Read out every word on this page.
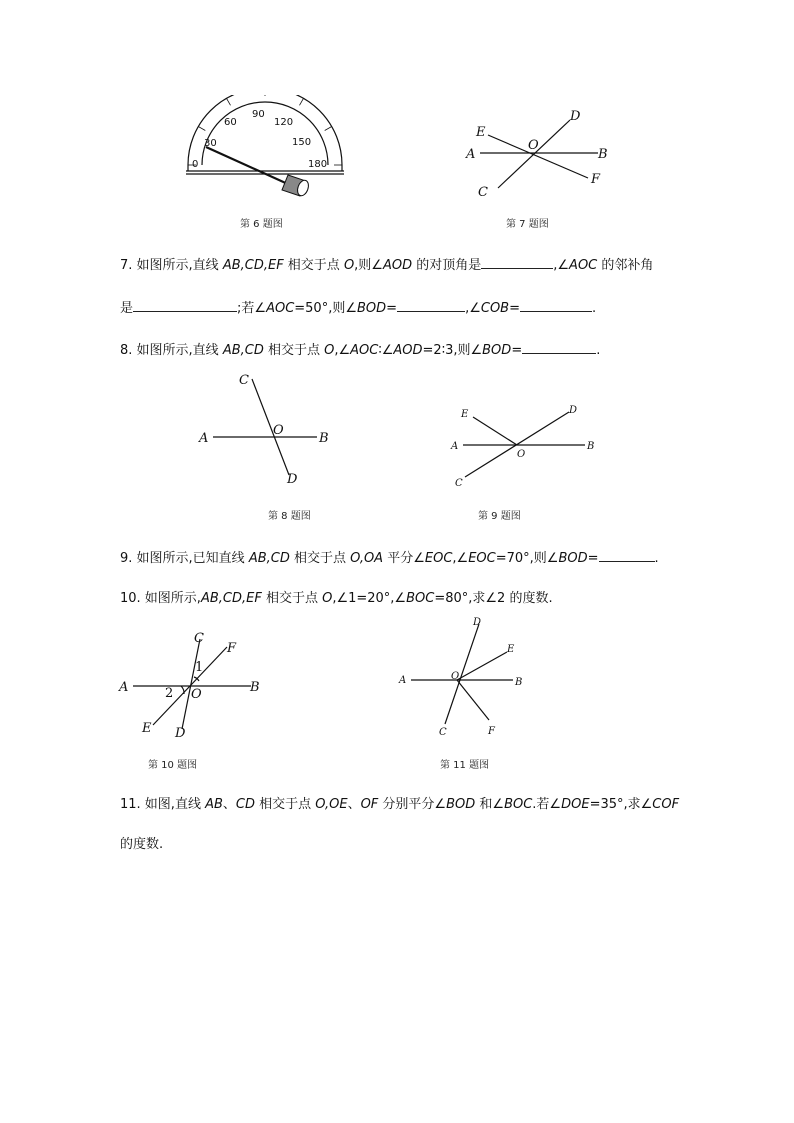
0
30
60
90
120
150
180
第 6 题图
E
D
A
O
B
C
F
第 7 题图
7. 如图所示,直线 AB,CD,EF 相交于点 O,则∠AOD 的对顶角是	,∠AOC 的邻补角
是	;若∠AOC=50°,则∠BOD=	,∠COB=	.
8. 如图所示,直线 AB,CD 相交于点 O,∠AOC∶∠AOD=2∶3,则∠BOD=	.
C
A
O
B
D
第 8 题图
E	D
A	B
O
C
第 9 题图
9. 如图所示,已知直线 AB,CD 相交于点 O,OA 平分∠EOC,∠EOC=70°,则∠BOD=	.
10. 如图所示,AB,CD,EF 相交于点 O,∠1=20°,∠BOC=80°,求∠2 的度数.
C
F
1
A	2 O	B
E D
第 10 题图
D
E
A	O
B
C	F
第 11 题图
11. 如图,直线 AB、CD 相交于点 O,OE、OF 分别平分∠BOD 和∠BOC.若∠DOE=35°,求∠COF
的度数.
